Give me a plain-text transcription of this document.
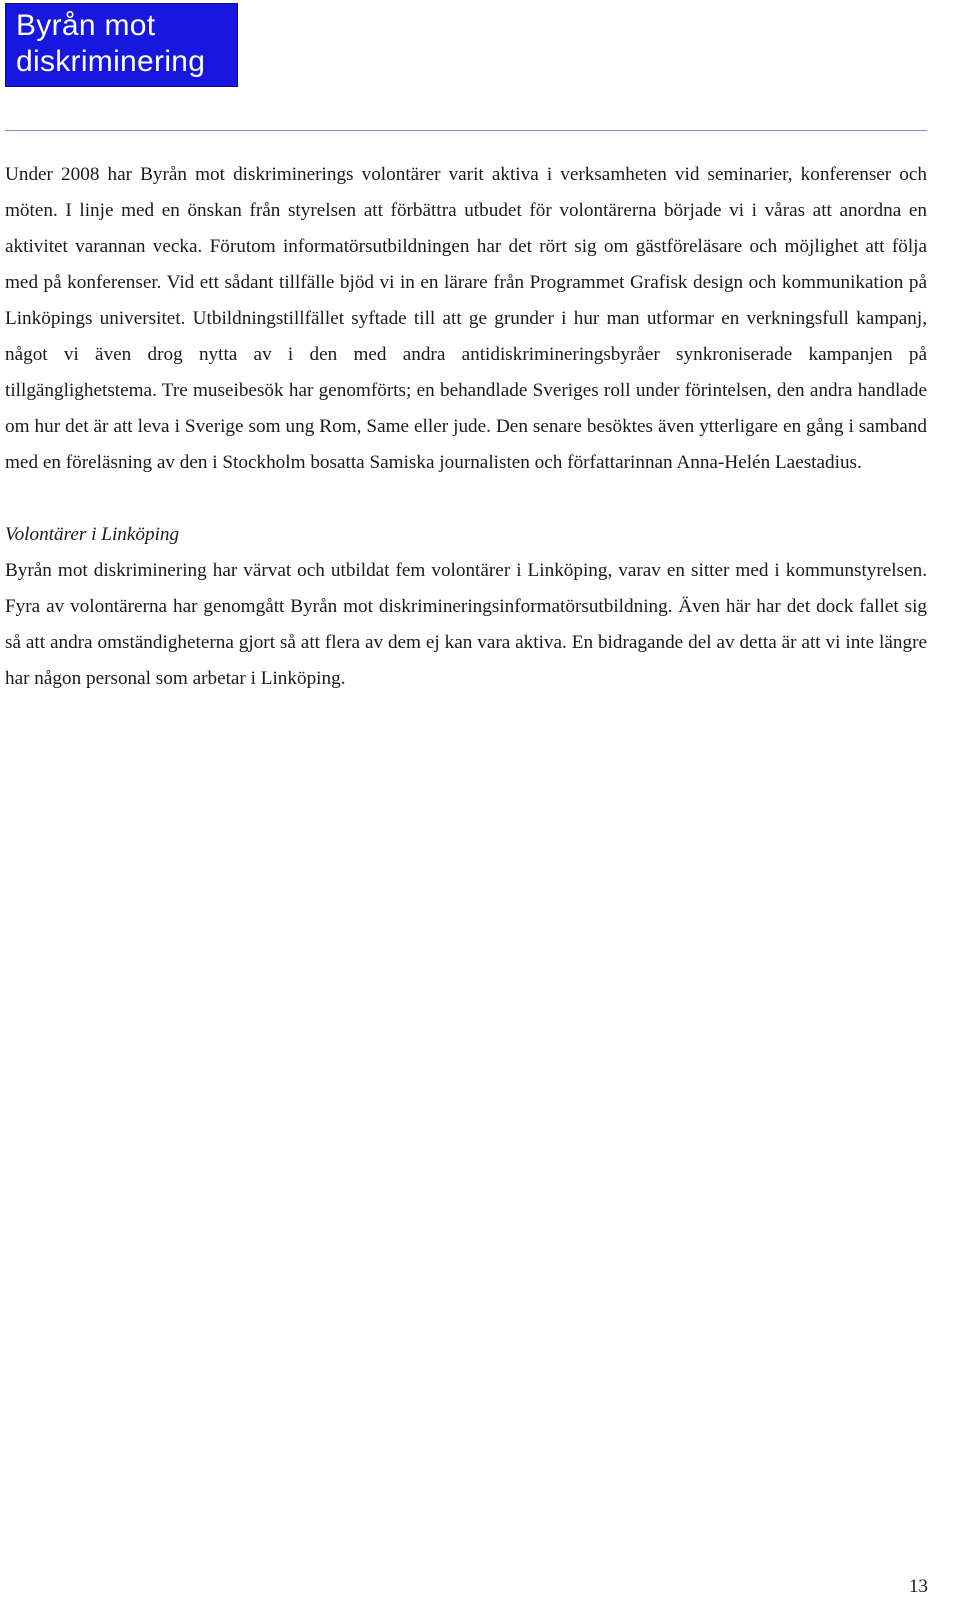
Byrån mot
diskriminering

Under 2008 har Byrån mot diskriminerings volontärer varit aktiva i verksamheten vid seminarier, konferenser och möten. I linje med en önskan från styrelsen att förbättra utbudet för volontärerna började vi i våras att anordna en aktivitet varannan vecka. Förutom informatörsutbildningen har det rört sig om gästföreläsare och möjlighet att följa med på konferenser. Vid ett sådant tillfälle bjöd vi in en lärare från Programmet Grafisk design och kommunikation på Linköpings universitet. Utbildningstillfället syftade till att ge grunder i hur man utformar en verkningsfull kampanj, något vi även drog nytta av i den med andra antidiskrimineringsbyråer synkroniserade kampanjen på tillgänglighetstema. Tre museibesök har genomförts; en behandlade Sveriges roll under förintelsen, den andra handlade om hur det är att leva i Sverige som ung Rom, Same eller jude. Den senare besöktes även ytterligare en gång i samband med en föreläsning av den i Stockholm bosatta Samiska journalisten och författarinnan Anna-Helén Laestadius.

Volontärer i Linköping

Byrån mot diskriminering har värvat och utbildat fem volontärer i Linköping, varav en sitter med i kommunstyrelsen. Fyra av volontärerna har genomgått Byrån mot diskrimineringsinformatörsutbildning. Även här har det dock fallet sig så att andra omständigheterna gjort så att flera av dem ej kan vara aktiva. En bidragande del av detta är att vi inte längre har någon personal som arbetar i Linköping.

13
